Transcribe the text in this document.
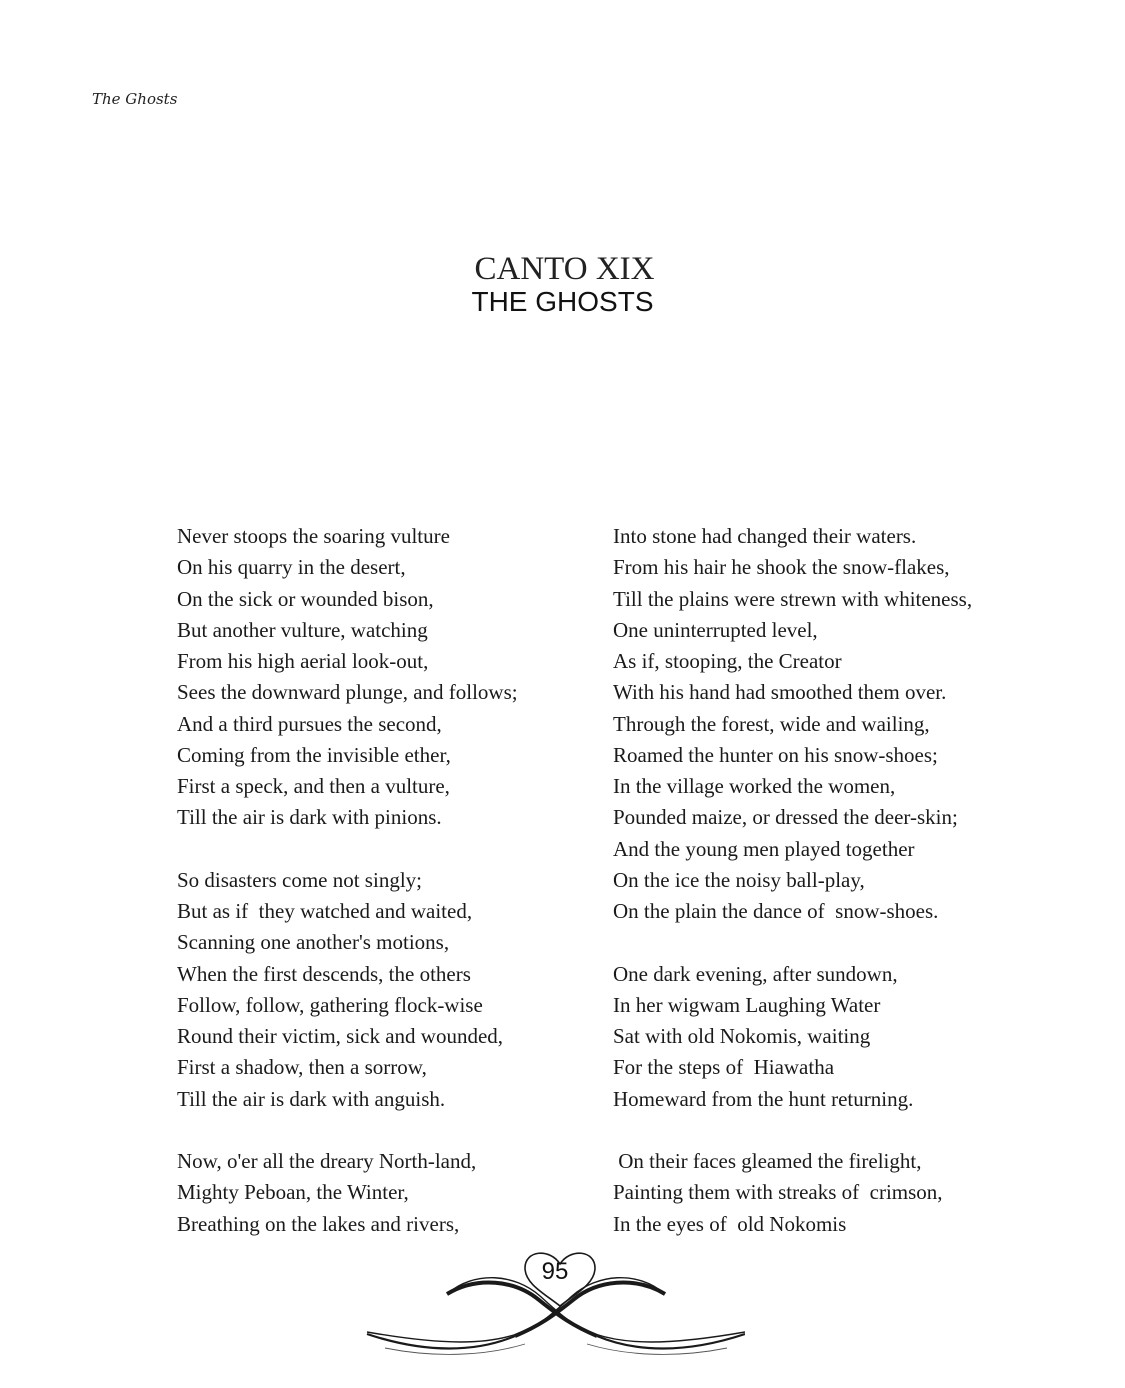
The Ghosts
CANTO XIX
THE GHOSTS
Never stoops the soaring vulture
On his quarry in the desert,
On the sick or wounded bison,
But another vulture, watching
From his high aerial look-out,
Sees the downward plunge, and follows;
And a third pursues the second,
Coming from the invisible ether,
First a speck, and then a vulture,
Till the air is dark with pinions.
So disasters come not singly;
But as if  they watched and waited,
Scanning one another's motions,
When the first descends, the others
Follow, follow, gathering flock-wise
Round their victim, sick and wounded,
First a shadow, then a sorrow,
Till the air is dark with anguish.
Now, o'er all the dreary North-land,
Mighty Peboan, the Winter,
Breathing on the lakes and rivers,
Into stone had changed their waters.
From his hair he shook the snow-flakes,
Till the plains were strewn with whiteness,
One uninterrupted level,
As if, stooping, the Creator
With his hand had smoothed them over.
Through the forest, wide and wailing,
Roamed the hunter on his snow-shoes;
In the village worked the women,
Pounded maize, or dressed the deer-skin;
And the young men played together
On the ice the noisy ball-play,
On the plain the dance of  snow-shoes.
One dark evening, after sundown,
In her wigwam Laughing Water
Sat with old Nokomis, waiting
For the steps of  Hiawatha
Homeward from the hunt returning.
On their faces gleamed the firelight,
Painting them with streaks of  crimson,
In the eyes of  old Nokomis
95
